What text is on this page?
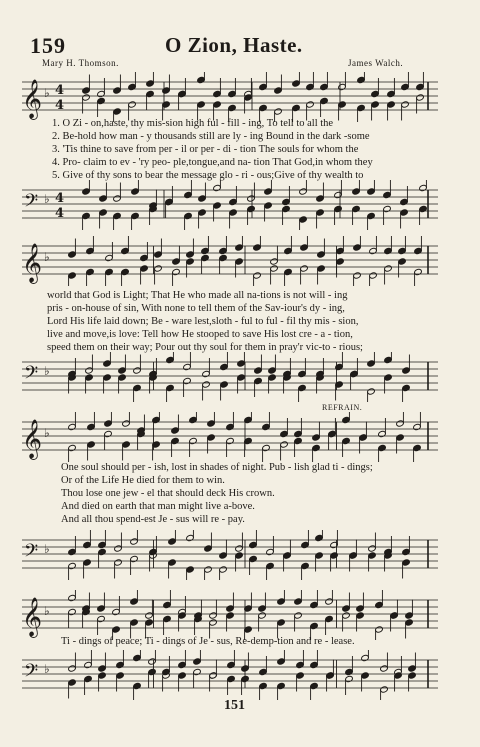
159	O Zion, Haste.
Mary H. Thomson.	James Walch.
𝄞 ♭ 4
4
𝄢 ♭ 4
4
1. O Zi - on,haste, thy mis-sion high ful - fill - ing, To tell to all the
2. Be-hold how man - y thousands still are ly - ing Bound in the dark -some
3. 'Tis thine to save from per - il or per - di - tion The souls for whom the
4. Pro- claim to ev - 'ry peo- ple,tongue,and na- tion That God,in whom they
5. Give of thy sons to bear the message glo - ri - ous;Give of thy wealth to
𝄞 ♭
𝄢 ♭
world that God is Light; That He who made all na-tions is not will - ing
pris - on-house of sin, With none to tell them of the Sav-iour's dy - ing,
Lord His life laid down; Be - ware lest,sloth - ful to ful - fil thy mis - sion,
live and move,is love: Tell how He stooped to save His lost cre - a - tion,
speed them on their way; Pour out thy soul for them in pray'r vic-to - rious;
REFRAIN.
𝄞 ♭
𝄢 ♭
One soul should per - ish, lost in shades of night. Pub - lish glad ti - dings;
Or of the Life He died for them to win.
Thou lose one jew - el that should deck His crown.
And died on earth that man might live a-bove.
And all thou spend-est Je - sus will re - pay.
𝄞 ♭
𝄢 ♭
Ti - dings of peace; Ti - dings of Je - sus, Re-demp-tion and re - lease.
151
